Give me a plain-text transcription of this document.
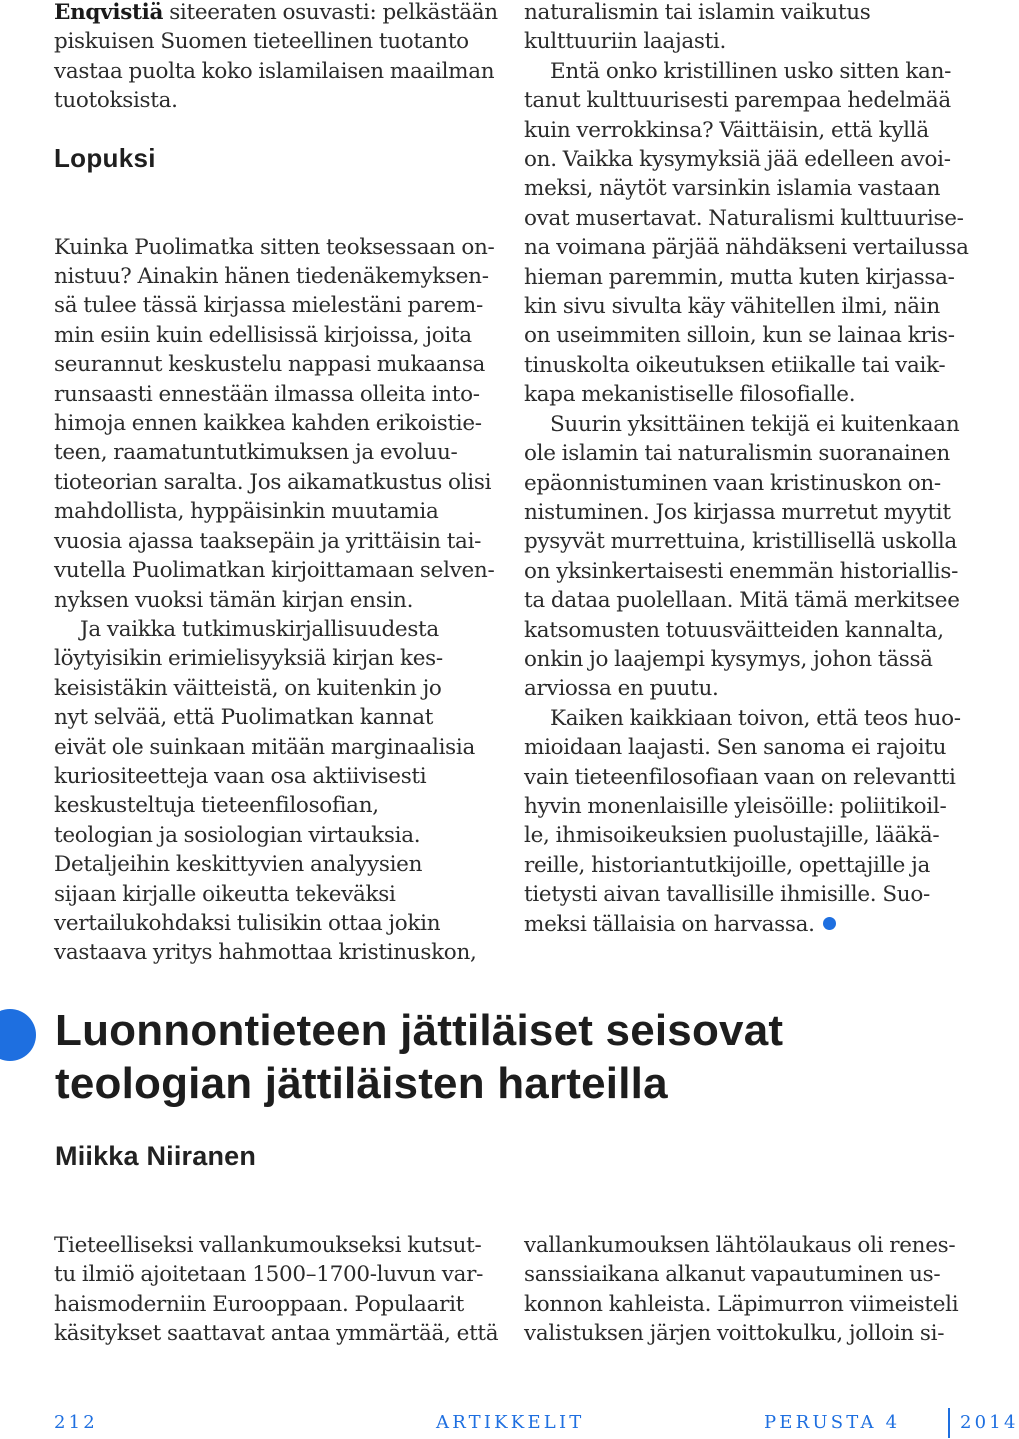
Enqvistiä siteeraten osuvasti: pelkästään
piskuisen Suomen tieteellinen tuotanto
vastaa puolta koko islamilaisen maailman
tuotoksista.
Kuinka Puolimatka sitten teoksessaan on-
nistuu? Ainakin hänen tiedenäkemyksen-
sä tulee tässä kirjassa mielestäni parem-
min esiin kuin edellisissä kirjoissa, joita
seurannut keskustelu nappasi mukaansa
runsaasti ennestään ilmassa olleita into-
himoja ennen kaikkea kahden erikoistie-
teen, raamatuntutkimuksen ja evoluu-
tioteorian saralta. Jos aikamatkustus olisi
mahdollista, hyppäisinkin muutamia
vuosia ajassa taaksepäin ja yrittäisin tai-
vutella Puolimatkan kirjoittamaan selven-
nyksen vuoksi tämän kirjan ensin.
Ja vaikka tutkimuskirjallisuudesta
löytyisikin erimielisyyksiä kirjan kes-
keisistäkin väitteistä, on kuitenkin jo
nyt selvää, että Puolimatkan kannat
eivät ole suinkaan mitään marginaalisia
kuriositeetteja vaan osa aktiivisesti
keskusteltuja tieteenfilosofian,
teologian ja sosiologian virtauksia.
Detaljeihin keskittyvien analyysien
sijaan kirjalle oikeutta tekeväksi
vertailukohdaksi tulisikin ottaa jokin
vastaava yritys hahmottaa kristinuskon,
Lopuksi
naturalismin tai islamin vaikutus
kulttuuriin laajasti.
Entä onko kristillinen usko sitten kan-
tanut kulttuurisesti parempaa hedelmää
kuin verrokkinsa? Väittäisin, että kyllä
on. Vaikka kysymyksiä jää edelleen avoi-
meksi, näytöt varsinkin islamia vastaan
ovat musertavat. Naturalismi kulttuurise-
na voimana pärjää nähdäkseni vertailussa
hieman paremmin, mutta kuten kirjassa-
kin sivu sivulta käy vähitellen ilmi, näin
on useimmiten silloin, kun se lainaa kris-
tinuskolta oikeutuksen etiikalle tai vaik-
kapa mekanistiselle filosofialle.
Suurin yksittäinen tekijä ei kuitenkaan
ole islamin tai naturalismin suoranainen
epäonnistuminen vaan kristinuskon on-
nistuminen. Jos kirjassa murretut myytit
pysyvät murrettuina, kristillisellä uskolla
on yksinkertaisesti enemmän historiallis-
ta dataa puolellaan. Mitä tämä merkitsee
katsomusten totuusväitteiden kannalta,
onkin jo laajempi kysymys, johon tässä
arviossa en puutu.
Kaiken kaikkiaan toivon, että teos huo-
mioidaan laajasti. Sen sanoma ei rajoitu
vain tieteenfilosofiaan vaan on relevantti
hyvin monenlaisille yleisöille: poliitikoil-
le, ihmisoikeuksien puolustajille, lääkä-
reille, historiantutkijoille, opettajille ja
tietysti aivan tavallisille ihmisille. Suo-
meksi tällaisia on harvassa.
Luonnontieteen jättiläiset seisovat
teologian jättiläisten harteilla
Miikka Niiranen
Tieteelliseksi vallankumoukseksi kutsut-
tu ilmiö ajoitetaan 1500–1700-luvun var-
haismoderniin Eurooppaan. Populaarit
käsitykset saattavat antaa ymmärtää, että
vallankumouksen lähtölaukaus oli renes-
sanssiaikana alkanut vapautuminen us-
konnon kahleista. Läpimurron viimeisteli
valistuksen järjen voittokulku, jolloin si-
212	ARTIKKELIT	PERUSTA 4	2014
